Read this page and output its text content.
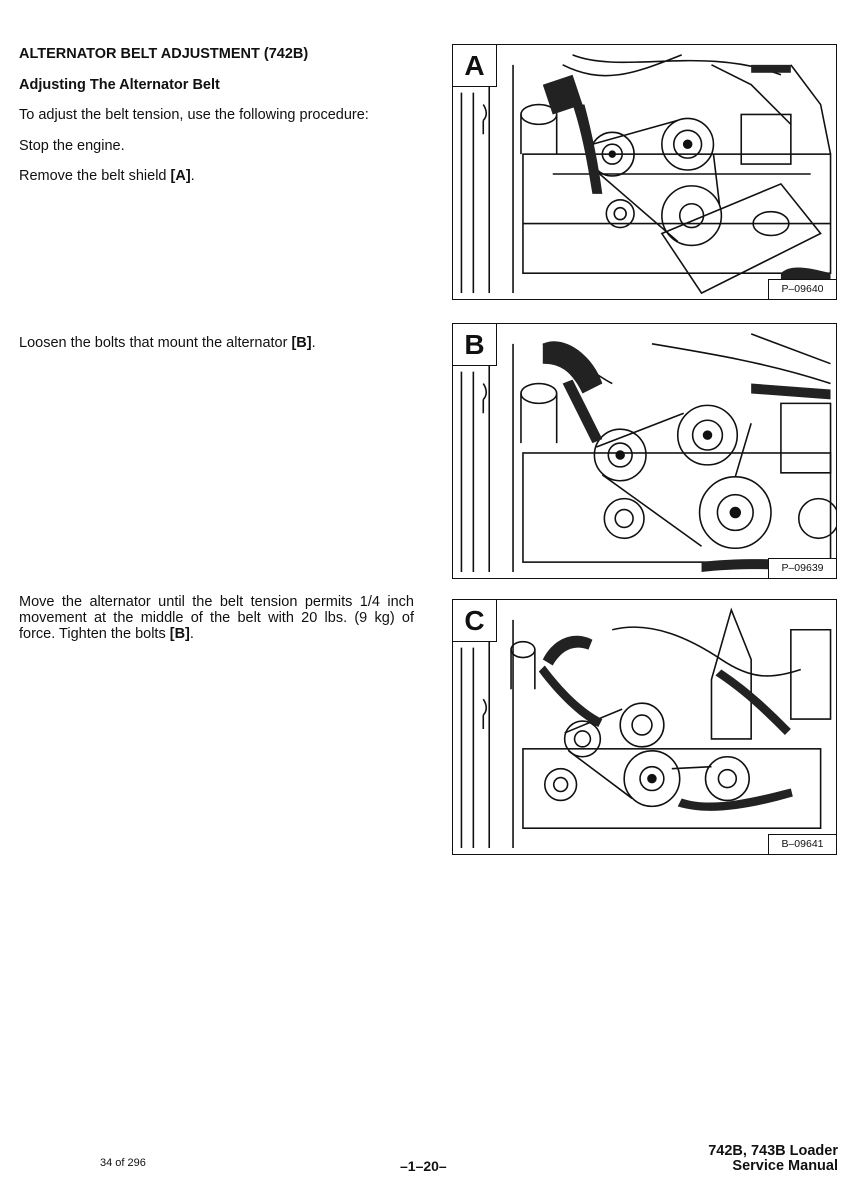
ALTERNATOR BELT ADJUSTMENT (742B)
Adjusting The Alternator Belt
To adjust the belt tension, use the following procedure:
Stop the engine.
Remove the belt shield [A].
Loosen the bolts that mount the alternator [B].
Move the alternator until the belt tension permits 1/4 inch movement at the middle of the belt with 20 lbs. (9 kg) of force. Tighten the bolts [B].
A
P–09640
B
P–09639
C
B–09641
34 of 296	–1–20–
742B, 743B Loader
Service Manual
